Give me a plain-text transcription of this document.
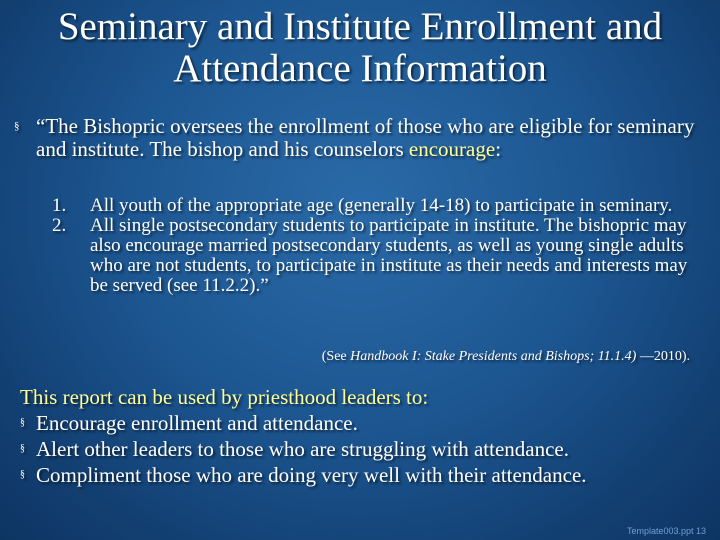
Seminary and Institute Enrollment and
Attendance Information
§ “The Bishopric oversees the enrollment of those who are eligible for seminary and institute. The bishop and his counselors encourage:
1.	All youth of the appropriate age (generally 14-18) to participate in seminary.
2.	All single postsecondary students to participate in institute. The bishopric may also encourage married postsecondary students, as well as young single adults who are not students, to participate in institute as their needs and interests may be served (see 11.2.2).”
(See Handbook I: Stake Presidents and Bishops; 11.1.4) —2010).
This report can be used by priesthood leaders to:
§ Encourage enrollment and attendance.
§ Alert other leaders to those who are struggling with attendance.
§ Compliment those who are doing very well with their attendance.
Template003.ppt 13
